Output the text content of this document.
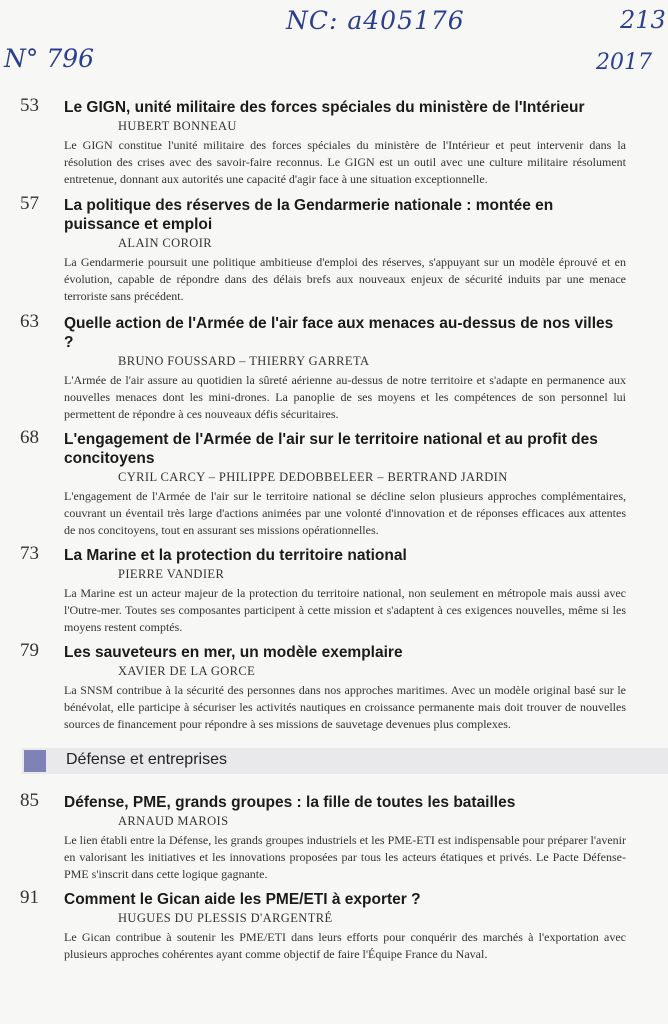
NC: a405176	213
N° 796	2017
53	Le GIGN, unité militaire des forces spéciales du ministère de l'Intérieur
HUBERT BONNEAU
Le GIGN constitue l'unité militaire des forces spéciales du ministère de l'Intérieur et peut intervenir dans la résolution des crises avec des savoir-faire reconnus. Le GIGN est un outil avec une culture militaire résolument entretenue, donnant aux autorités une capacité d'agir face à une situation exceptionnelle.
57	La politique des réserves de la Gendarmerie nationale : montée en puissance et emploi
ALAIN COROIR
La Gendarmerie poursuit une politique ambitieuse d'emploi des réserves, s'appuyant sur un modèle éprouvé et en évolution, capable de répondre dans des délais brefs aux nouveaux enjeux de sécurité induits par une menace terroriste sans précédent.
63	Quelle action de l'Armée de l'air face aux menaces au-dessus de nos villes ?
BRUNO FOUSSARD – THIERRY GARRETA
L'Armée de l'air assure au quotidien la sûreté aérienne au-dessus de notre territoire et s'adapte en permanence aux nouvelles menaces dont les mini-drones. La panoplie de ses moyens et les compétences de son personnel lui permettent de répondre à ces nouveaux défis sécuritaires.
68	L'engagement de l'Armée de l'air sur le territoire national et au profit des concitoyens
CYRIL CARCY – PHILIPPE DEDOBBELEER – BERTRAND JARDIN
L'engagement de l'Armée de l'air sur le territoire national se décline selon plusieurs approches complémentaires, couvrant un éventail très large d'actions animées par une volonté d'innovation et de réponses efficaces aux attentes de nos concitoyens, tout en assurant ses missions opérationnelles.
73	La Marine et la protection du territoire national
PIERRE VANDIER
La Marine est un acteur majeur de la protection du territoire national, non seulement en métropole mais aussi avec l'Outre-mer. Toutes ses composantes participent à cette mission et s'adaptent à ces exigences nouvelles, même si les moyens restent comptés.
79	Les sauveteurs en mer, un modèle exemplaire
XAVIER DE LA GORCE
La SNSM contribue à la sécurité des personnes dans nos approches maritimes. Avec un modèle original basé sur le bénévolat, elle participe à sécuriser les activités nautiques en croissance permanente mais doit trouver de nouvelles sources de financement pour répondre à ses missions de sauvetage devenues plus complexes.
Défense et entreprises
85	Défense, PME, grands groupes : la fille de toutes les batailles
ARNAUD MAROIS
Le lien établi entre la Défense, les grands groupes industriels et les PME-ETI est indispensable pour préparer l'avenir en valorisant les initiatives et les innovations proposées par tous les acteurs étatiques et privés. Le Pacte Défense-PME s'inscrit dans cette logique gagnante.
91	Comment le Gican aide les PME/ETI à exporter ?
HUGUES DU PLESSIS D'ARGENTRÉ
Le Gican contribue à soutenir les PME/ETI dans leurs efforts pour conquérir des marchés à l'exportation avec plusieurs approches cohérentes ayant comme objectif de faire l'Équipe France du Naval.
